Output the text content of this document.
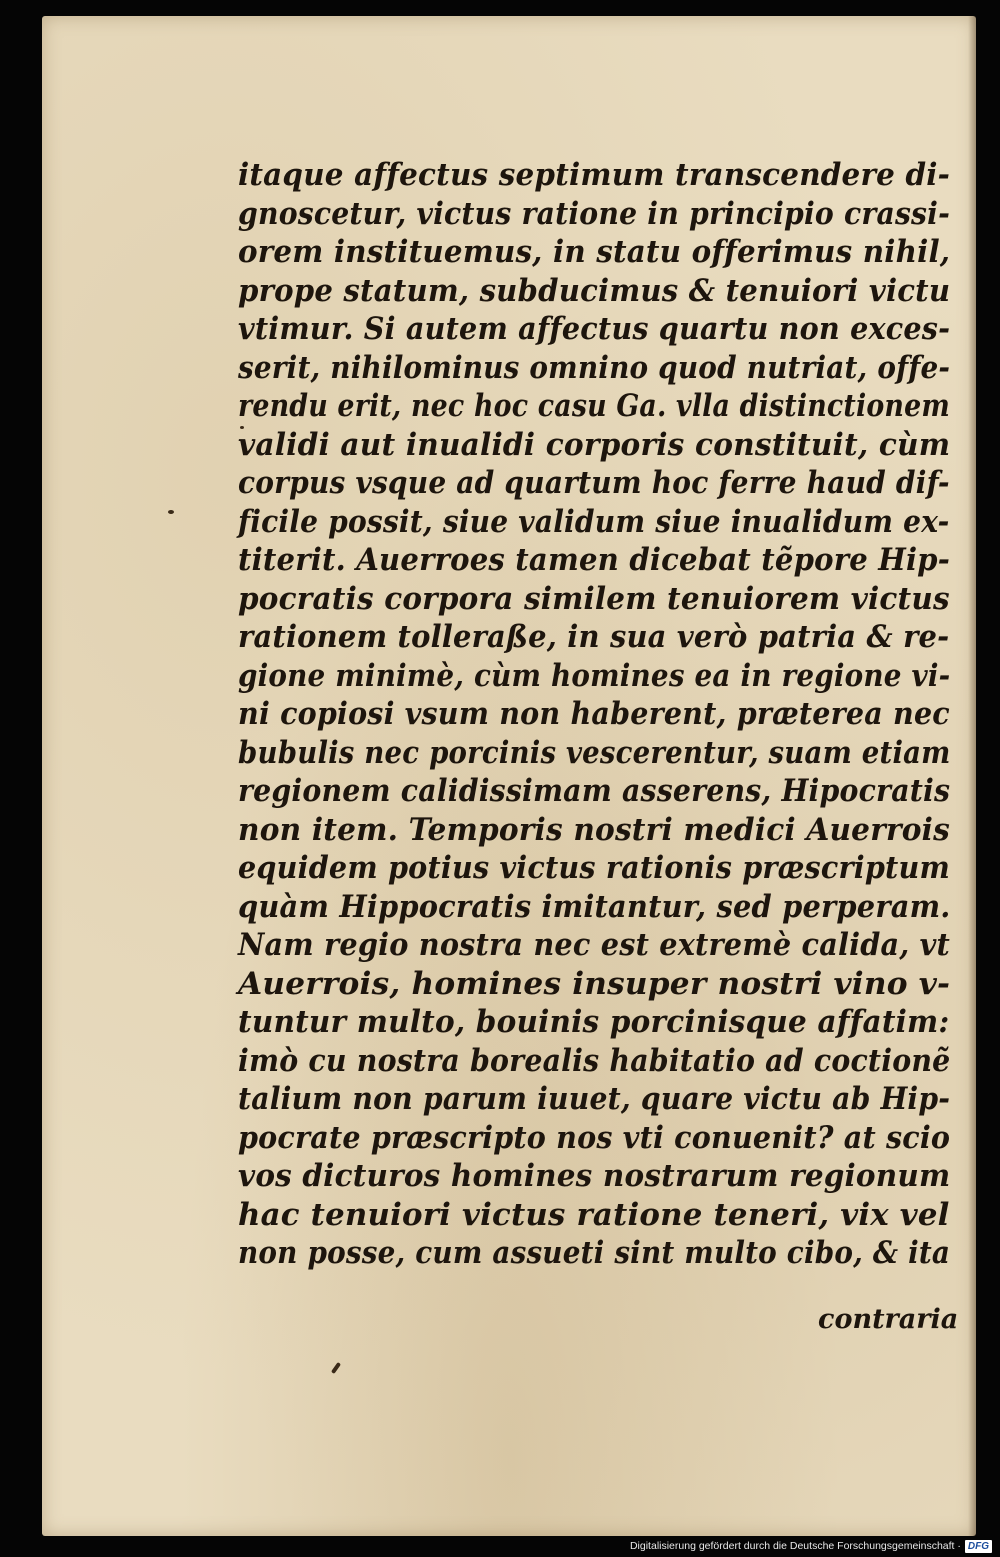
itaque affectus septimum transcendere di-
gnoscetur, victus ratione in principio crassi-
orem instituemus, in statu offerimus nihil,
prope statum, subducimus & tenuiori victu
vtimur. Si autem affectus quartu non exces-
serit, nihilominus omnino quod nutriat, offe-
rendu erit, nec hoc casu Ga. vlla distinctionem
validi aut inualidi corporis constituit, cùm
corpus vsque ad quartum hoc ferre haud dif-
ficile possit, siue validum siue inualidum ex-
titerit. Auerroes tamen dicebat tẽpore Hip-
pocratis corpora similem tenuiorem victus
rationem tolleraße, in sua verò patria & re-
gione minimè, cùm homines ea in regione vi-
ni copiosi vsum non haberent, præterea nec
bubulis nec porcinis vescerentur, suam etiam
regionem calidissimam asserens, Hipocratis
non item. Temporis nostri medici Auerrois
equidem potius victus rationis præscriptum
quàm Hippocratis imitantur, sed perperam.
Nam regio nostra nec est extremè calida, vt
Auerrois, homines insuper nostri vino v-
tuntur multo, bouinis porcinisque affatim:
imò cu nostra borealis habitatio ad coctionẽ
talium non parum iuuet, quare victu ab Hip-
pocrate præscripto nos vti conuenit? at scio
vos dicturos homines nostrarum regionum
hac tenuiori victus ratione teneri, vix vel
non posse, cum assueti sint multo cibo, & ita
contraria
Digitalisierung gefördert durch die Deutsche Forschungsgemeinschaft · DFG
